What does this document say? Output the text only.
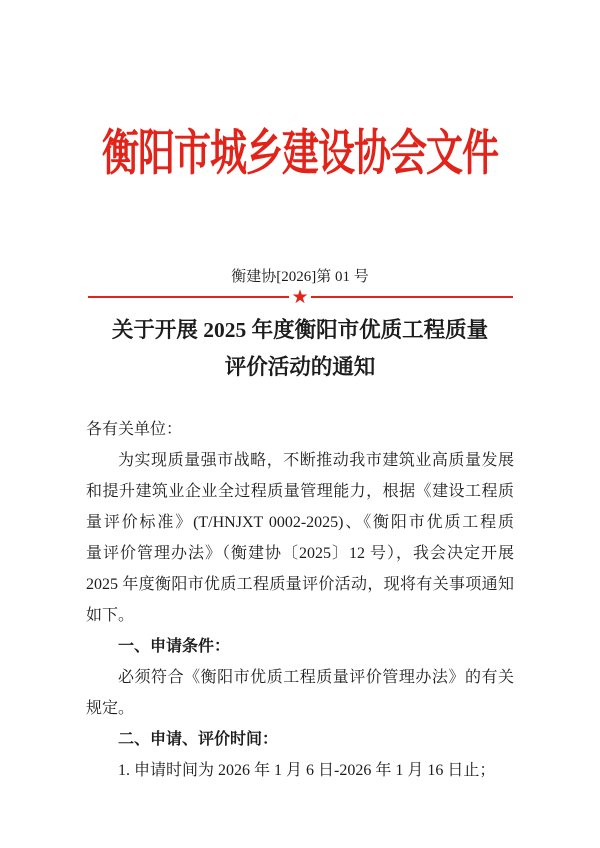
衡阳市城乡建设协会文件
衡建协[2026]第 01 号
★
关于开展 2025 年度衡阳市优质工程质量
评价活动的通知
各有关单位：
为实现质量强市战略，不断推动我市建筑业高质量发展
和提升建筑业企业全过程质量管理能力，根据《建设工程质
量评价标准》(T/HNJXT 0002-2025)、《衡阳市优质工程质
量评价管理办法》（衡建协〔2025〕12 号），我会决定开展
2025 年度衡阳市优质工程质量评价活动，现将有关事项通知
如下。
一、申请条件：
必须符合《衡阳市优质工程质量评价管理办法》的有关
规定。
二、申请、评价时间：
1. 申请时间为 2026 年 1 月 6 日-2026 年 1 月 16 日止；
